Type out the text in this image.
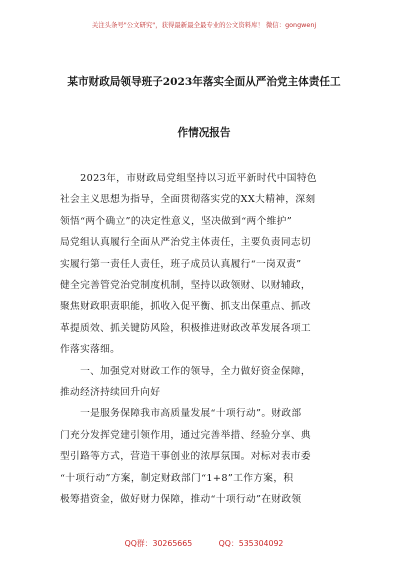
关注头条号"公文研究"，获得最新最全最专业的公文资料库！ 微信：gongwenj
某市财政局领导班子2023年落实全面从严治党主体责任工
作情况报告
　　2023年，市财政局党组坚持以习近平新时代中国特色
社会主义思想为指导，全面贯彻落实党的XX大精神，深刻
领悟“两个确立”的决定性意义，坚决做到“两个维护”
局党组认真履行全面从严治党主体责任，主要负责同志切
实履行第一责任人责任，班子成员认真履行“一岗双责”
健全完善管党治党制度机制，坚持以政领财、以财辅政，
聚焦财政职责职能，抓收入促平衡、抓支出保重点、抓改
革提质效、抓关键防风险，积极推进财政改革发展各项工
作落实落细。
　　一、加强党对财政工作的领导，全力做好资金保障，
推动经济持续回升向好
　　一是服务保障我市高质量发展“十项行动”。财政部
门充分发挥党建引领作用，通过完善举措、经验分享、典
型引路等方式，营造干事创业的浓厚氛围。对标对表市委
“十项行动”方案，制定财政部门“1+8”工作方案，积
极筹措资金，做好财力保障，推动“十项行动”在财政领
QQ群：30265665	QQ：535304092
